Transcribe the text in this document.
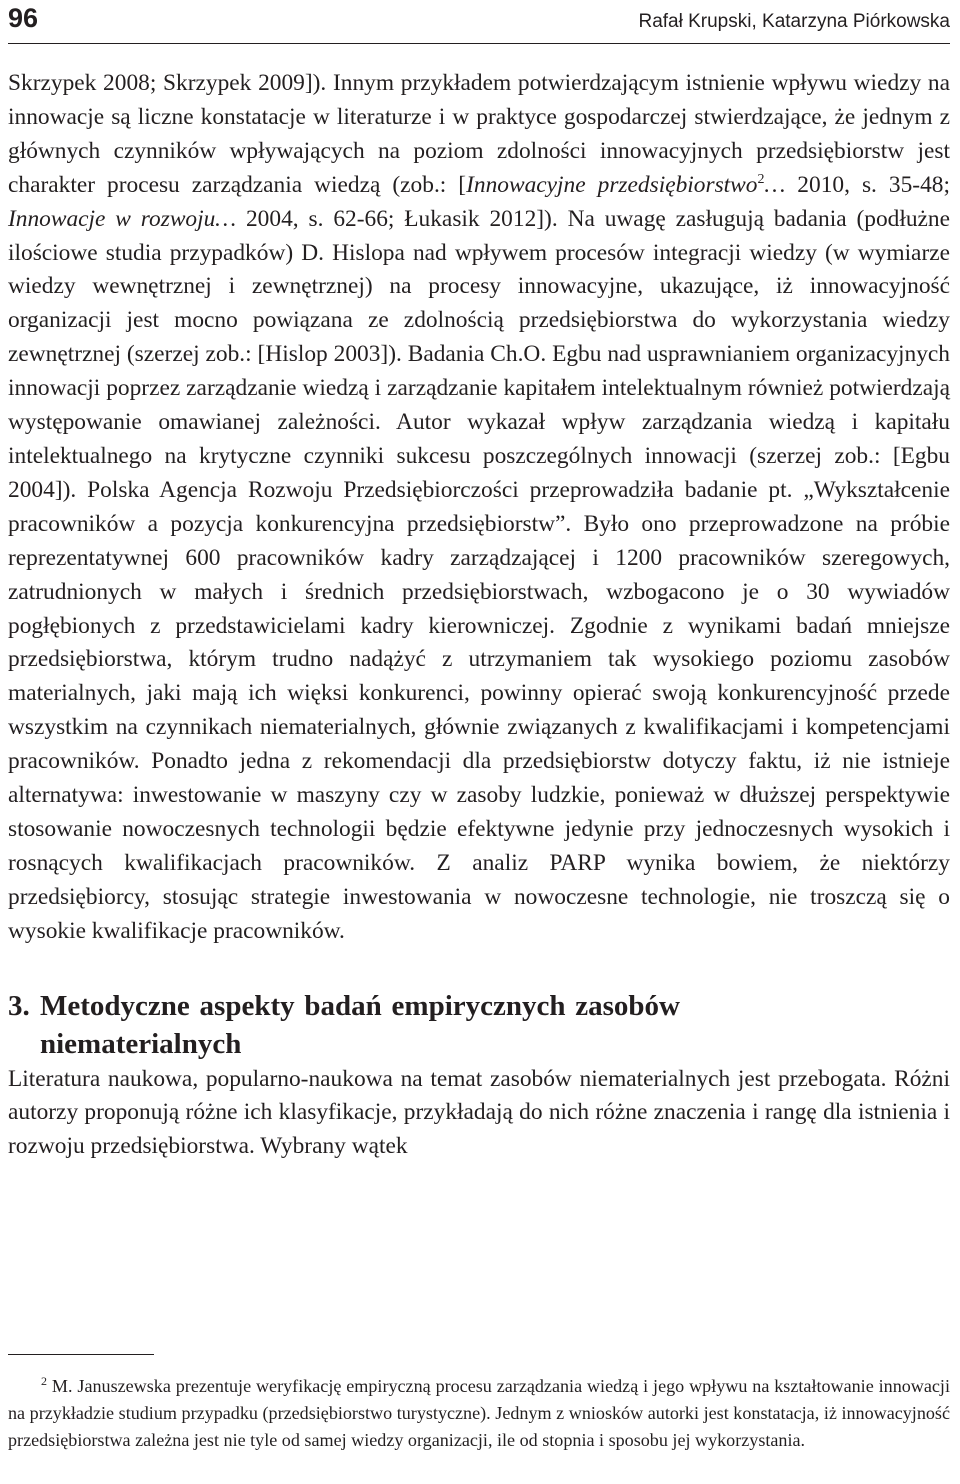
96	Rafał Krupski, Katarzyna Piórkowska

Skrzypek 2008; Skrzypek 2009]). Innym przykładem potwierdzającym istnienie wpływu wiedzy na innowacje są liczne konstatacje w literaturze i w praktyce gospodarczej stwierdzające, że jednym z głównych czynników wpływających na poziom zdolności innowacyjnych przedsiębiorstw jest charakter procesu zarządzania wiedzą (zob.: [Innowacyjne przedsiębiorstwo$^2$… 2010, s. 35-48; Innowacje w rozwoju… 2004, s. 62-66; Łukasik 2012]). Na uwagę zasługują badania (podłużne ilościowe studia przypadków) D. Hislopa nad wpływem procesów integracji wiedzy (w wymiarze wiedzy wewnętrznej i zewnętrznej) na procesy innowacyjne, ukazujące, iż innowacyjność organizacji jest mocno powiązana ze zdolnością przedsiębiorstwa do wykorzystania wiedzy zewnętrznej (szerzej zob.: [Hislop 2003]). Badania Ch.O. Egbu nad usprawnianiem organizacyjnych innowacji poprzez zarządzanie wiedzą i zarządzanie kapitałem intelektualnym również potwierdzają występowanie omawianej zależności. Autor wykazał wpływ zarządzania wiedzą i kapitału intelektualnego na krytyczne czynniki sukcesu poszczególnych innowacji (szerzej zob.: [Egbu 2004]). Polska Agencja Rozwoju Przedsiębiorczości przeprowadziła badanie pt. „Wykształcenie pracowników a pozycja konkurencyjna przedsiębiorstw”. Było ono przeprowadzone na próbie reprezentatywnej 600 pracowników kadry zarządzającej i 1200 pracowników szeregowych, zatrudnionych w małych i średnich przedsiębiorstwach, wzbogacono je o 30 wywiadów pogłębionych z przedstawicielami kadry kierowniczej. Zgodnie z wynikami badań mniejsze przedsiębiorstwa, którym trudno nadążyć z utrzymaniem tak wysokiego poziomu zasobów materialnych, jaki mają ich więksi konkurenci, powinny opierać swoją konkurencyjność przede wszystkim na czynnikach niematerialnych, głównie związanych z kwalifikacjami i kompetencjami pracowników. Ponadto jedna z rekomendacji dla przedsiębiorstw dotyczy faktu, iż nie istnieje alternatywa: inwestowanie w maszyny czy w zasoby ludzkie, ponieważ w dłuższej perspektywie stosowanie nowoczesnych technologii będzie efektywne jedynie przy jednoczesnych wysokich i rosnących kwalifikacjach pracowników. Z analiz PARP wynika bowiem, że niektórzy przedsiębiorcy, stosując strategie inwestowania w nowoczesne technologie, nie troszczą się o wysokie kwalifikacje pracowników.

3. Metodyczne aspekty badań empirycznych zasobów niematerialnych

Literatura naukowa, popularno-naukowa na temat zasobów niematerialnych jest przebogata. Różni autorzy proponują różne ich klasyfikacje, przykładają do nich różne znaczenia i rangę dla istnienia i rozwoju przedsiębiorstwa. Wybrany wątek

$^2$ M. Januszewska prezentuje weryfikację empiryczną procesu zarządzania wiedzą i jego wpływu na kształtowanie innowacji na przykładzie studium przypadku (przedsiębiorstwo turystyczne). Jednym z wniosków autorki jest konstatacja, iż innowacyjność przedsiębiorstwa zależna jest nie tyle od samej wiedzy organizacji, ile od stopnia i sposobu jej wykorzystania.
